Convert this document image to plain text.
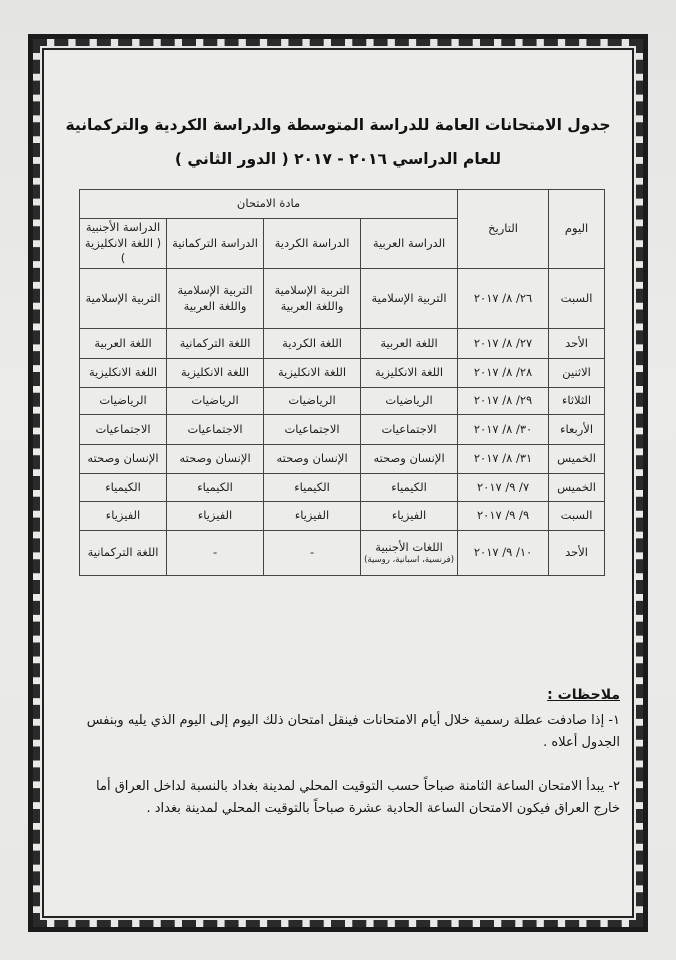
جدول الامتحانات العامة للدراسة المتوسطة والدراسة الكردية والتركمانية
للعام الدراسي ٢٠١٦ - ٢٠١٧ ( الدور الثاني )
اليوم	التاريخ	مادة الامتحان			
		الدراسة العربية	الدراسة الكردية	الدراسة التركمانية	الدراسة الأجنبية
( اللغة الانكليزية )
السبت	٢٦/ ٨/ ٢٠١٧	التربية الإسلامية	التربية الإسلامية واللغة العربية	التربية الإسلامية واللغة العربية	التربية الإسلامية
الأحد	٢٧/ ٨/ ٢٠١٧	اللغة العربية	اللغة الكردية	اللغة التركمانية	اللغة العربية
الاثنين	٢٨/ ٨/ ٢٠١٧	اللغة الانكليزية	اللغة الانكليزية	اللغة الانكليزية	اللغة الانكليزية
الثلاثاء	٢٩/ ٨/ ٢٠١٧	الرياضيات	الرياضيات	الرياضيات	الرياضيات
الأربعاء	٣٠/ ٨/ ٢٠١٧	الاجتماعيات	الاجتماعيات	الاجتماعيات	الاجتماعيات
الخميس	٣١/ ٨/ ٢٠١٧	الإنسان وصحته	الإنسان وصحته	الإنسان وصحته	الإنسان وصحته
الخميس	٧/ ٩/ ٢٠١٧	الكيمياء	الكيمياء	الكيمياء	الكيمياء
السبت	٩/ ٩/ ٢٠١٧	الفيزياء	الفيزياء	الفيزياء	الفيزياء
الأحد	١٠/ ٩/ ٢٠١٧	اللغات الأجنبية
(فرنسية، اسبانية، روسية)	-	-	اللغة التركمانية
ملاحظات :
١- إذا صادفت عطلة رسمية خلال أيام الامتحانات فينقل امتحان ذلك اليوم إلى اليوم الذي يليه وبنفس الجدول أعلاه .
٢- يبدأ الامتحان الساعة الثامنة صباحاً حسب التوقيت المحلي لمدينة بغداد بالنسبة لداخل العراق أما خارج العراق فيكون الامتحان الساعة الحادية عشرة صباحاً بالتوقيت المحلي لمدينة بغداد .
